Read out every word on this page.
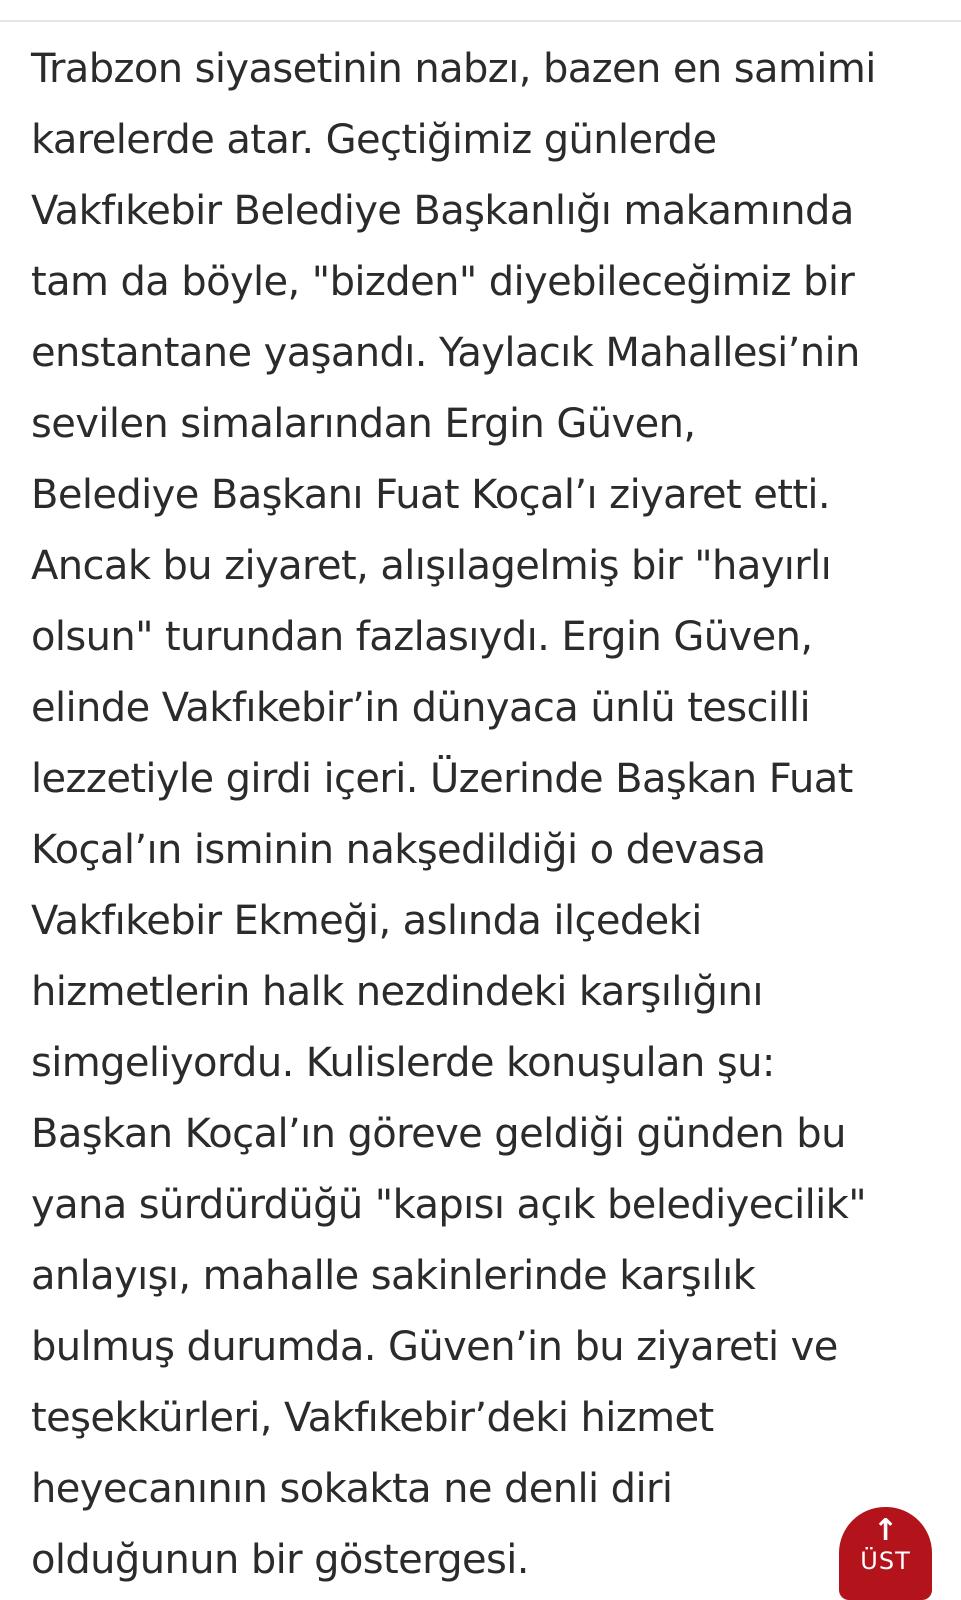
Trabzon siyasetinin nabzı, bazen en samimi
karelerde atar. Geçtiğimiz günlerde
Vakfıkebir Belediye Başkanlığı makamında
tam da böyle, "bizden" diyebileceğimiz bir
enstantane yaşandı. Yaylacık Mahallesi’nin
sevilen simalarından Ergin Güven,
Belediye Başkanı Fuat Koçal’ı ziyaret etti.
Ancak bu ziyaret, alışılagelmiş bir "hayırlı
olsun" turundan fazlasıydı. Ergin Güven,
elinde Vakfıkebir’in dünyaca ünlü tescilli
lezzetiyle girdi içeri. Üzerinde Başkan Fuat
Koçal’ın isminin nakşedildiği o devasa
Vakfıkebir Ekmeği, aslında ilçedeki
hizmetlerin halk nezdindeki karşılığını
simgeliyordu. Kulislerde konuşulan şu:
Başkan Koçal’ın göreve geldiği günden bu
yana sürdürdüğü "kapısı açık belediyecilik"
anlayışı, mahalle sakinlerinde karşılık
bulmuş durumda. Güven’in bu ziyareti ve
teşekkürleri, Vakfıkebir’deki hizmet
heyecanının sokakta ne denli diri
olduğunun bir göstergesi.
↑
ÜST
